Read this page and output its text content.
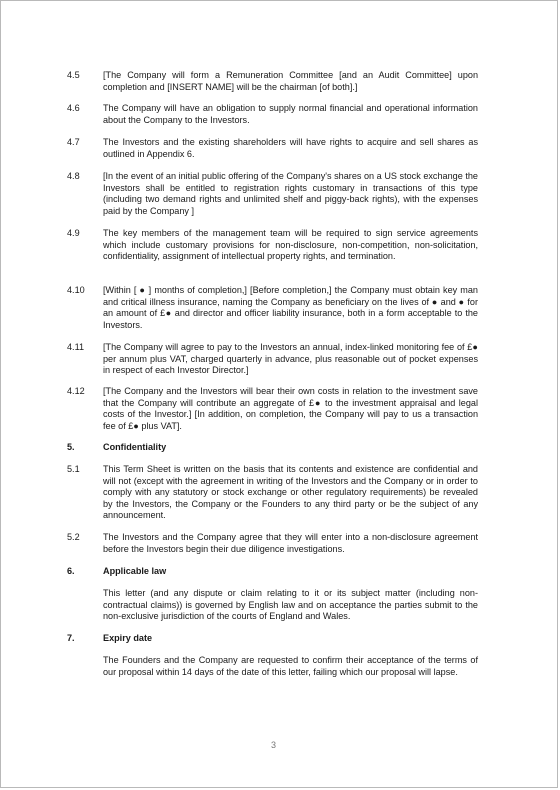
4.5	[The Company will form a Remuneration Committee [and an Audit Committee] upon completion and [INSERT NAME] will be the chairman [of both].]
4.6	The Company will have an obligation to supply normal financial and operational information about the Company to the Investors.
4.7	The Investors and the existing shareholders will have rights to acquire and sell shares as outlined in Appendix 6.
4.8	[In the event of an initial public offering of the Company's shares on a US stock exchange the Investors shall be entitled to registration rights customary in transactions of this type (including two demand rights and unlimited shelf and piggy-back rights), with the expenses paid by the Company ]
4.9	The key members of the management team will be required to sign service agreements which include customary provisions for non-disclosure, non-competition, non-solicitation, confidentiality, assignment of intellectual property rights, and termination.
4.10 [Within [ ● ] months of completion,] [Before completion,] the Company must obtain key man and critical illness insurance, naming the Company as beneficiary on the lives of ● and ● for an amount of £● and director and officer liability insurance, both in a form acceptable to the Investors.
4.11 [The Company will agree to pay to the Investors an annual, index-linked monitoring fee of £● per annum plus VAT, charged quarterly in advance, plus reasonable out of pocket expenses in respect of each Investor Director.]
4.12 [The Company and the Investors will bear their own costs in relation to the investment save that the Company will contribute an aggregate of £● to the investment appraisal and legal costs of the Investor.] [In addition, on completion, the Company will pay to us a transaction fee of £● plus VAT].
5.	Confidentiality
5.1	This Term Sheet is written on the basis that its contents and existence are confidential and will not (except with the agreement in writing of the Investors and the Company or in order to comply with any statutory or stock exchange or other regulatory requirements) be revealed by the Investors, the Company or the Founders to any third party or be the subject of any announcement.
5.2	The Investors and the Company agree that they will enter into a non-disclosure agreement before the Investors begin their due diligence investigations.
6.	Applicable law
This letter (and any dispute or claim relating to it or its subject matter (including non-contractual claims)) is governed by English law and on acceptance the parties submit to the non-exclusive jurisdiction of the courts of England and Wales.
7.	Expiry date
The Founders and the Company are requested to confirm their acceptance of the terms of our proposal within 14 days of the date of this letter, failing which our proposal will lapse.
3
